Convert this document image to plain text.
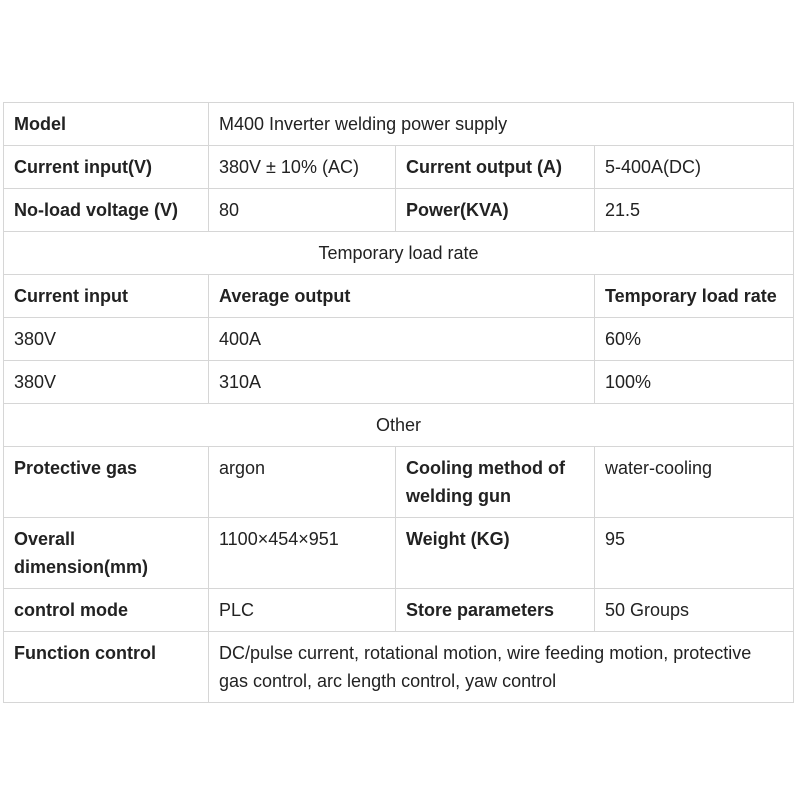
Model	M400 Inverter welding power supply		
Current input(V)	380V ± 10% (AC)	Current output (A)	5-400A(DC)
No-load voltage (V)	80	Power(KVA)	21.5
Temporary load rate			
Current input	Average output		Temporary load rate
380V	400A		60%
380V	310A		100%
Other			
Protective gas	argon	Cooling method of welding gun	water-cooling
Overall dimension(mm)	1100×454×951	Weight (KG)	95
control mode	PLC	Store parameters	50 Groups
Function control	DC/pulse current, rotational motion, wire feeding motion, protective gas control, arc length control, yaw control		
